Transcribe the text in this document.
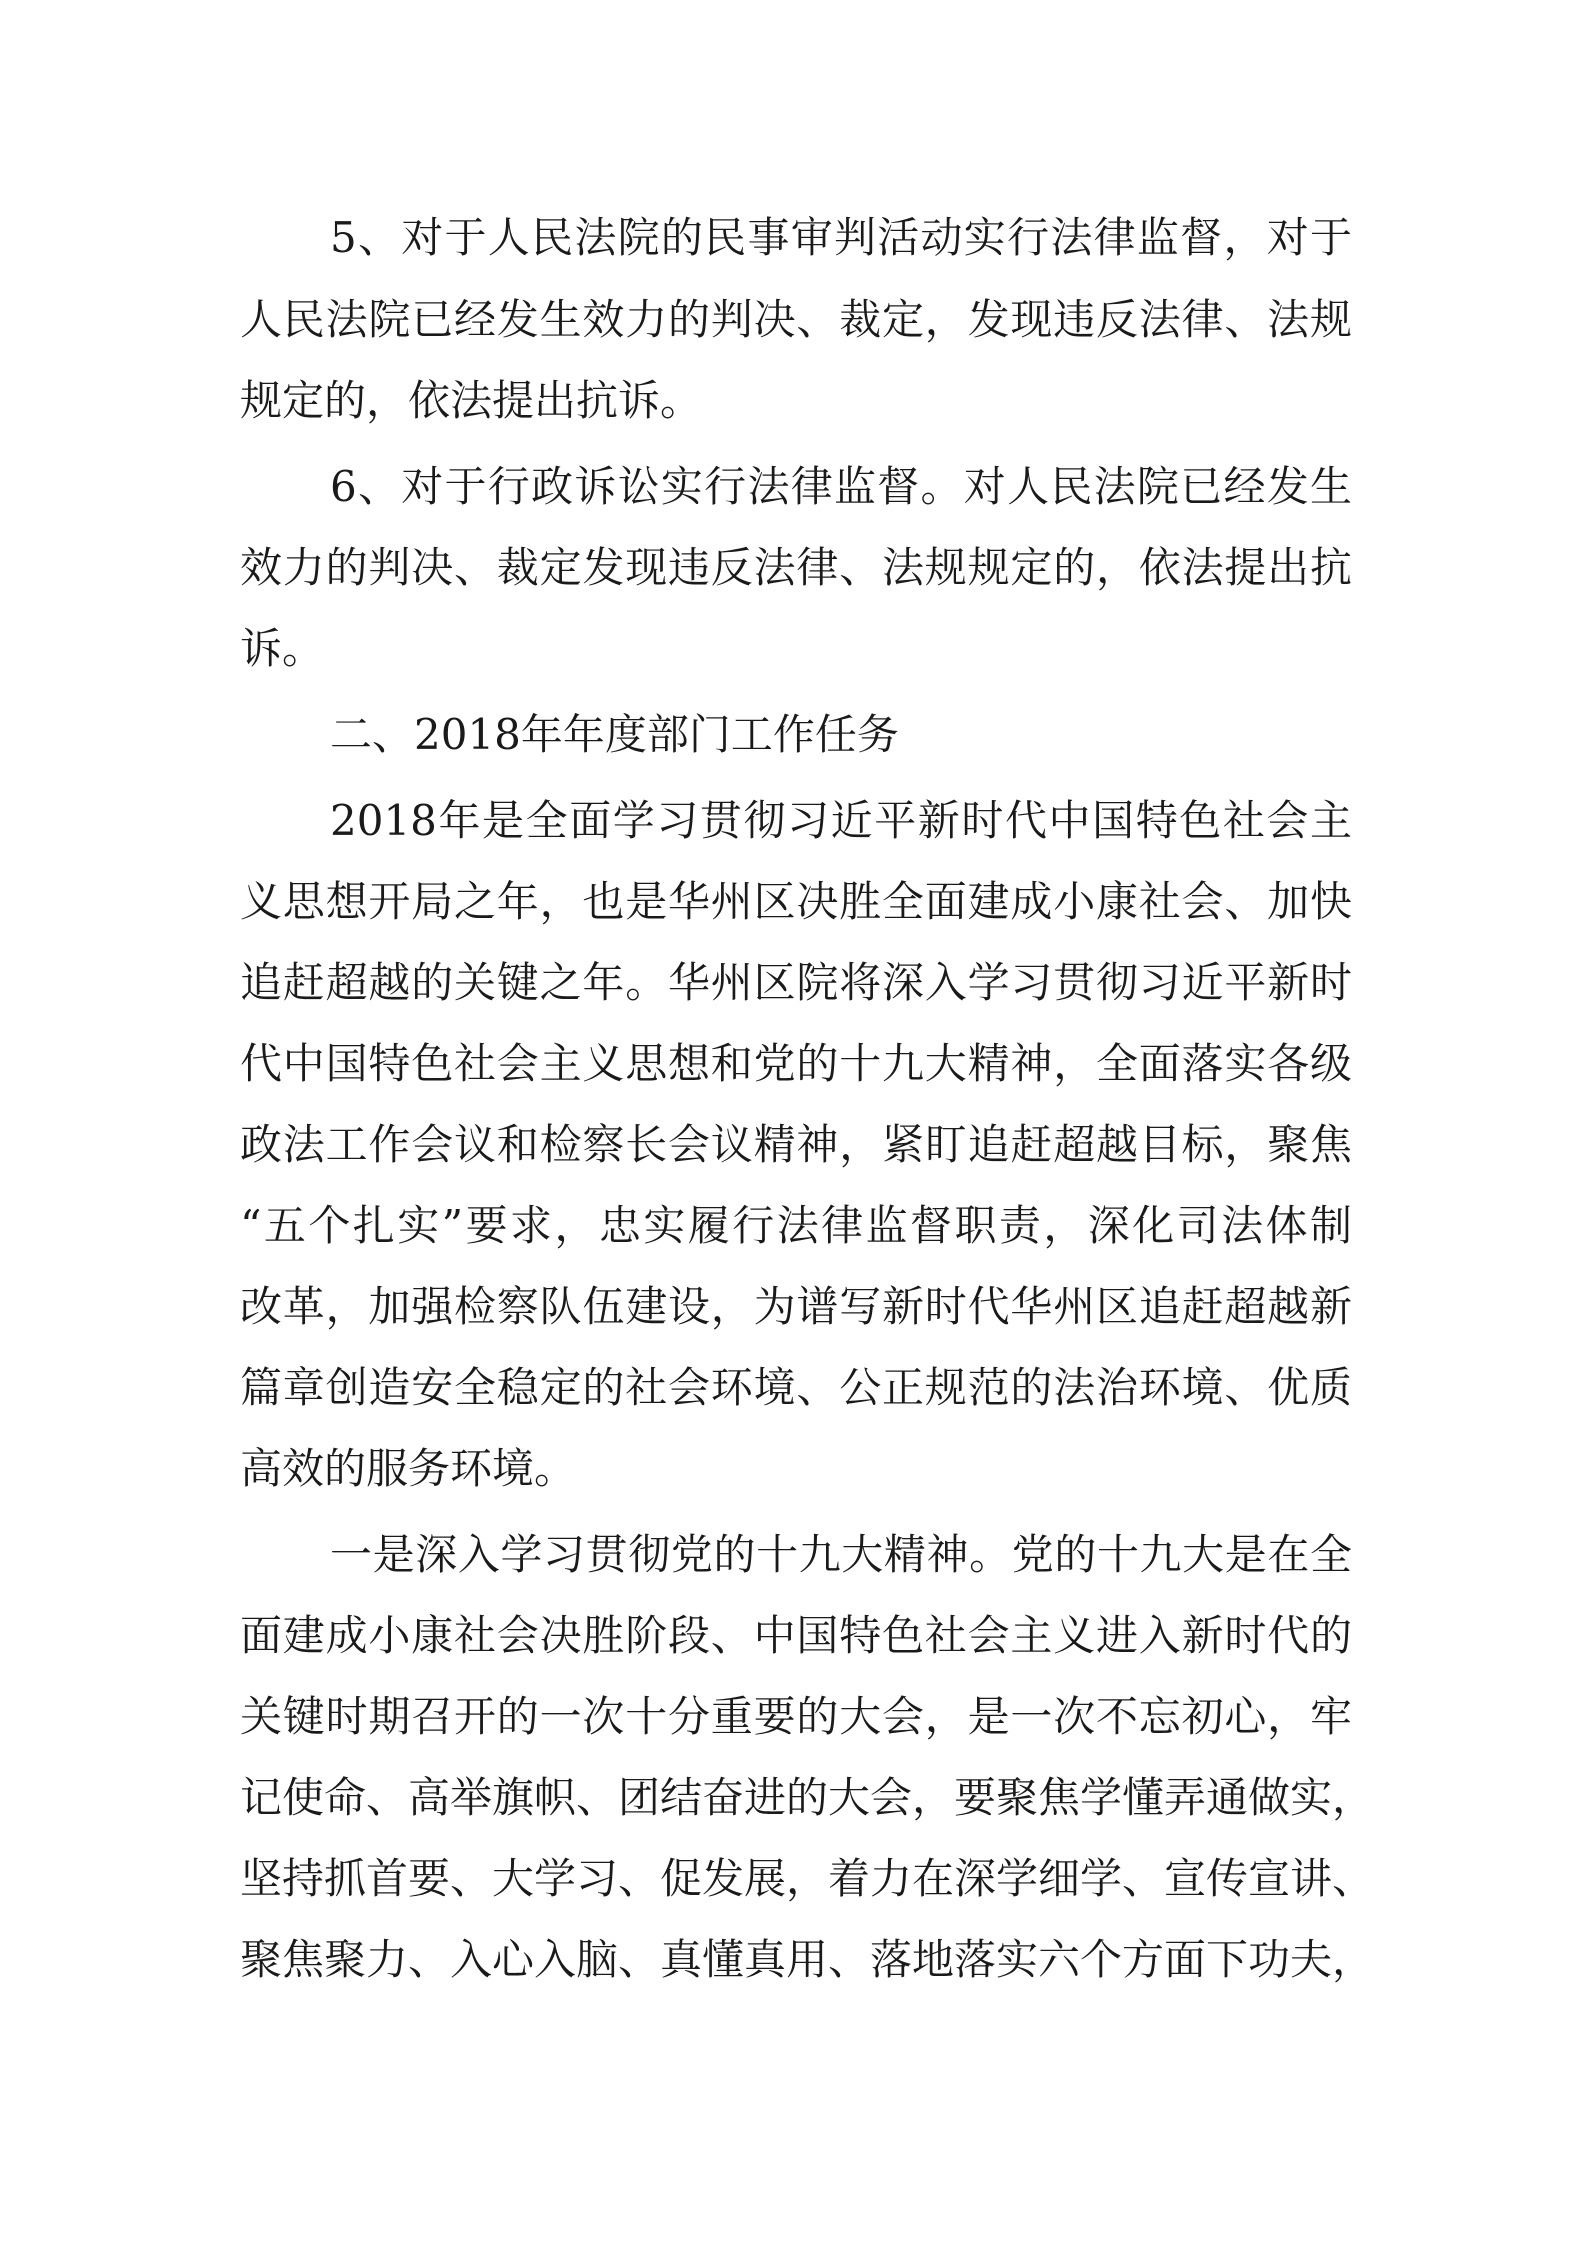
5、对于人民法院的民事审判活动实行法律监督，对于
人民法院已经发生效力的判决、裁定，发现违反法律、法规
规定的，依法提出抗诉。
6、对于行政诉讼实行法律监督。对人民法院已经发生
效力的判决、裁定发现违反法律、法规规定的，依法提出抗
诉。
二、2018年年度部门工作任务
2018年是全面学习贯彻习近平新时代中国特色社会主
义思想开局之年，也是华州区决胜全面建成小康社会、加快
追赶超越的关键之年。华州区院将深入学习贯彻习近平新时
代中国特色社会主义思想和党的十九大精神，全面落实各级
政法工作会议和检察长会议精神，紧盯追赶超越目标，聚焦
“五个扎实”要求，忠实履行法律监督职责，深化司法体制
改革，加强检察队伍建设，为谱写新时代华州区追赶超越新
篇章创造安全稳定的社会环境、公正规范的法治环境、优质
高效的服务环境。
一是深入学习贯彻党的十九大精神。党的十九大是在全
面建成小康社会决胜阶段、中国特色社会主义进入新时代的
关键时期召开的一次十分重要的大会，是一次不忘初心，牢
记使命、高举旗帜、团结奋进的大会，要聚焦学懂弄通做实，
坚持抓首要、大学习、促发展，着力在深学细学、宣传宣讲、
聚焦聚力、入心入脑、真懂真用、落地落实六个方面下功夫，
